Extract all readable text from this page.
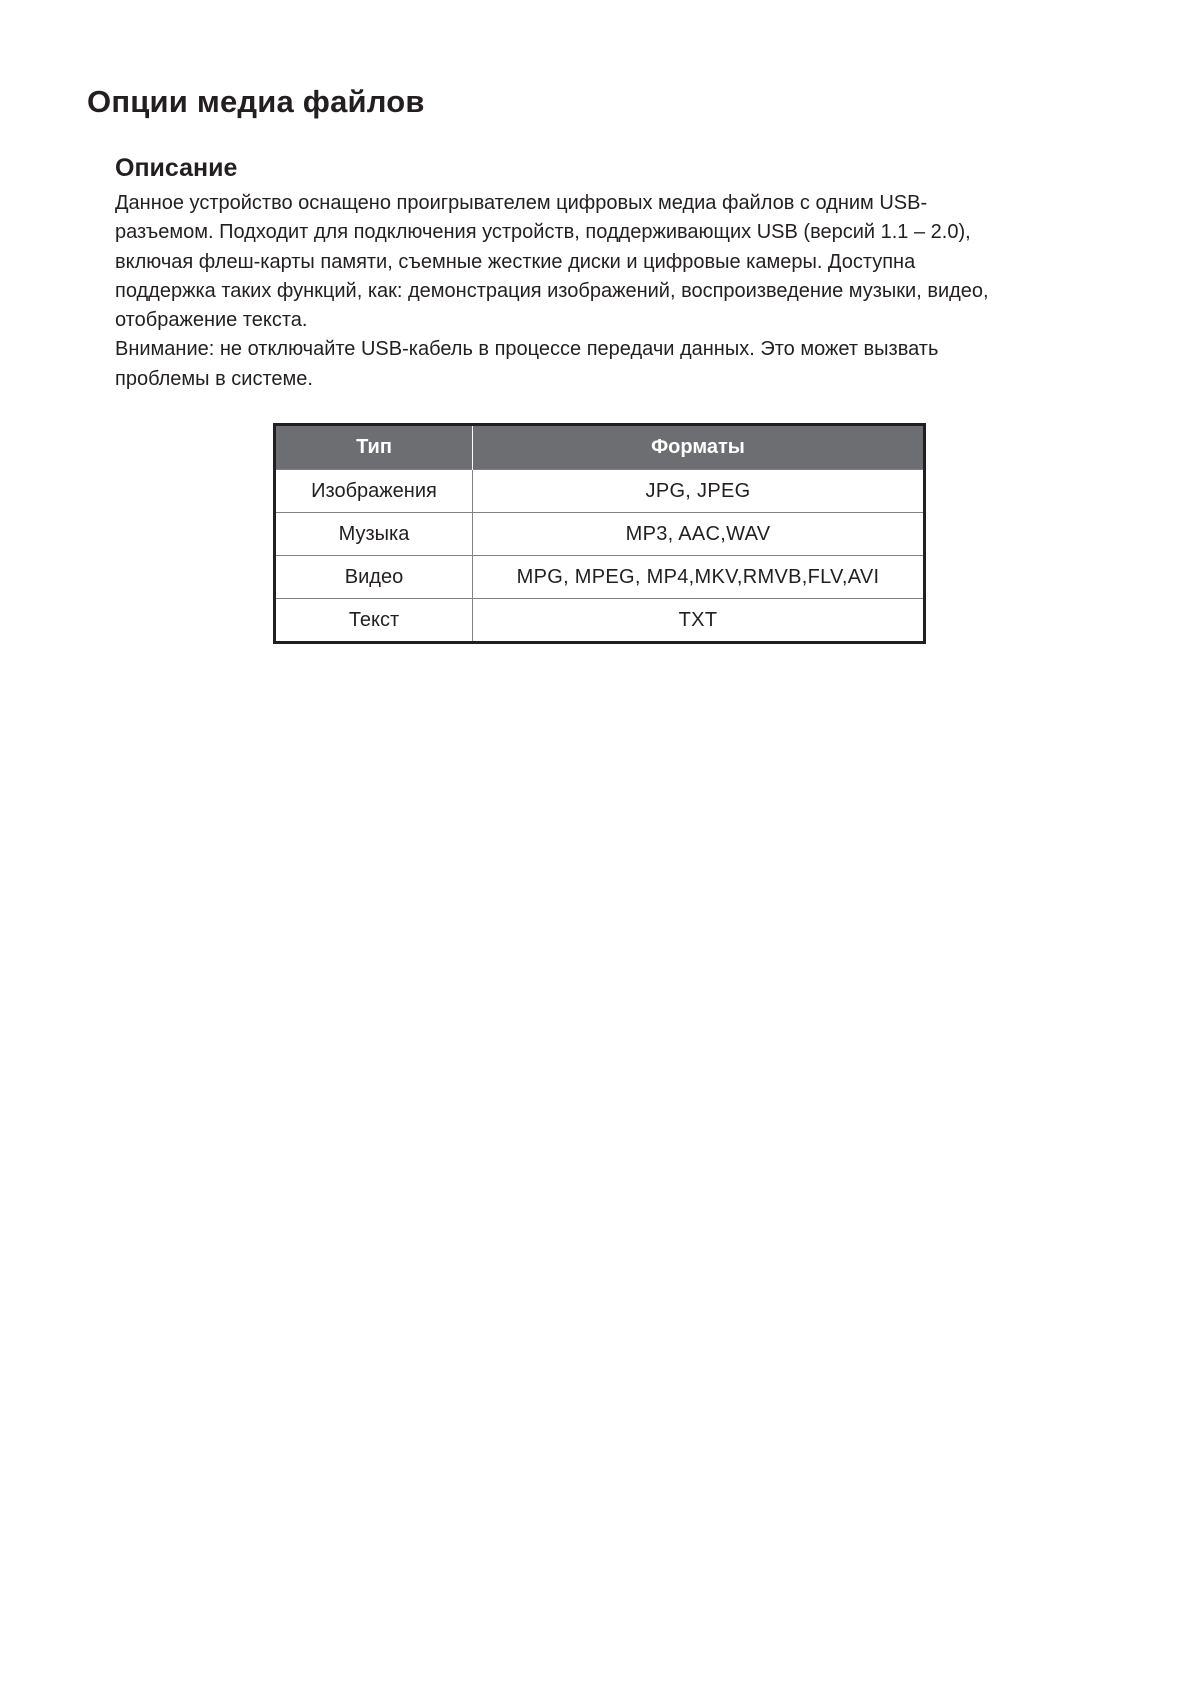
Опции медиа файлов
Описание
Данное устройство оснащено проигрывателем цифровых медиа файлов с одним USB-
разъемом. Подходит для подключения устройств, поддерживающих USB (версий 1.1 – 2.0),
включая флеш-карты памяти, съемные жесткие диски и цифровые камеры. Доступна
поддержка таких функций, как: демонстрация изображений, воспроизведение музыки, видео,
отображение текста.
Внимание: не отключайте USB-кабель в процессе передачи данных. Это может вызвать
проблемы в системе.
Тип	Форматы
Изображения	JPG, JPEG
Музыка	MP3, AAC,WAV
Видео	MPG, MPEG, MP4,MKV,RMVB,FLV,AVI
Текст	TXT
